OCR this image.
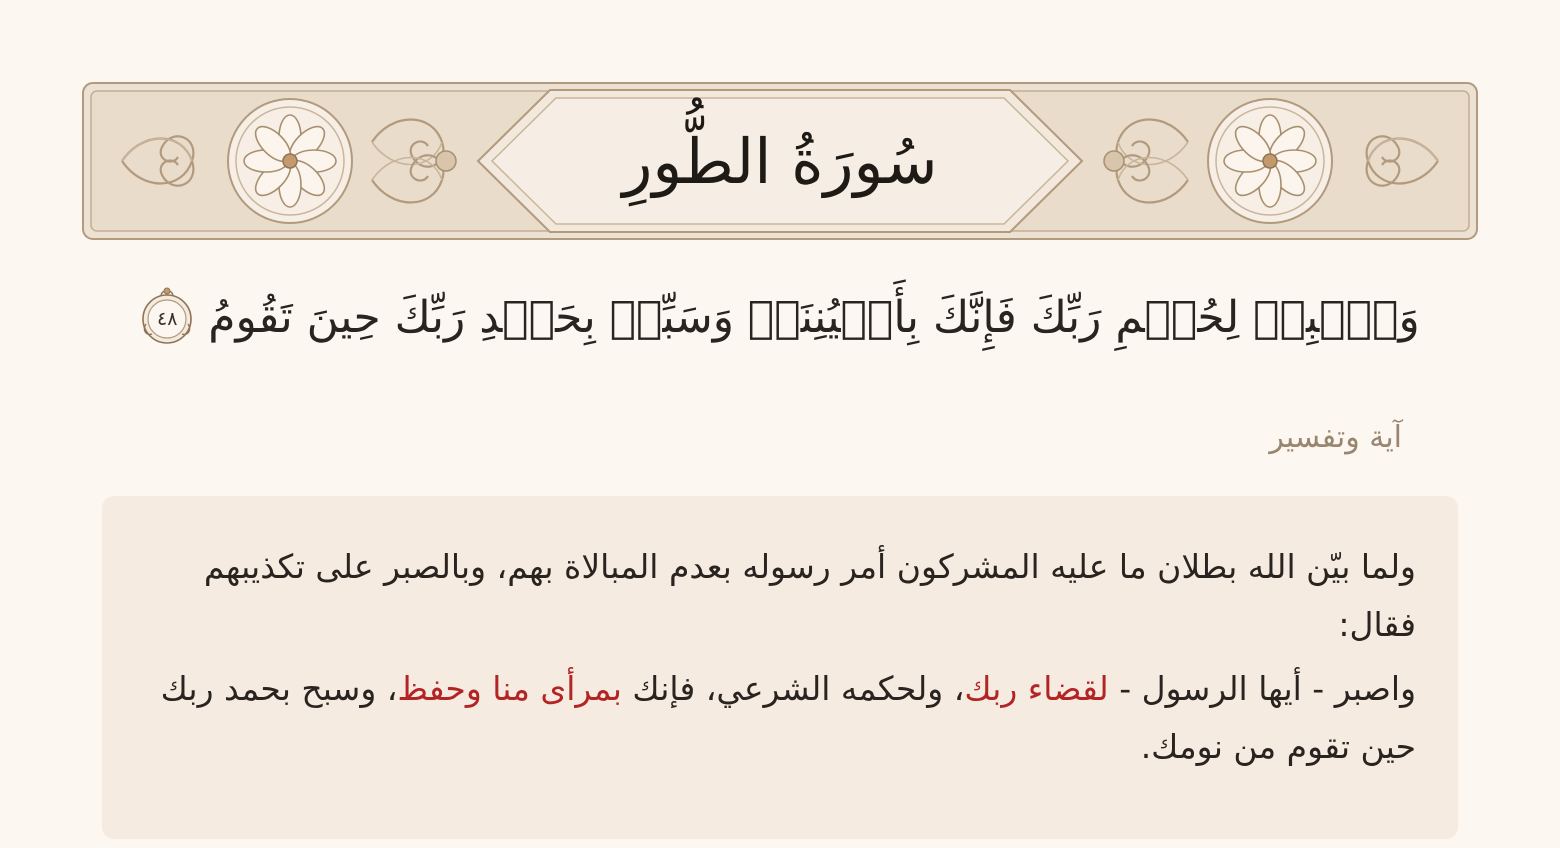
سُورَةُ الطُّورِ
وَٱصۡبِرۡ لِحُكۡمِ رَبِّكَ فَإِنَّكَ بِأَعۡيُنِنَاۖ وَسَبِّحۡ بِحَمۡدِ رَبِّكَ حِينَ تَقُومُ
٤٨
آية وتفسير

ولما بيّن الله بطلان ما عليه المشركون أمر رسوله بعدم المبالاة بهم، وبالصبر على تكذيبهم فقال:

واصبر - أيها الرسول - لقضاء ربك، ولحكمه الشرعي، فإنك بمرأى منا وحفظ، وسبح بحمد ربك حين تقوم من نومك.
